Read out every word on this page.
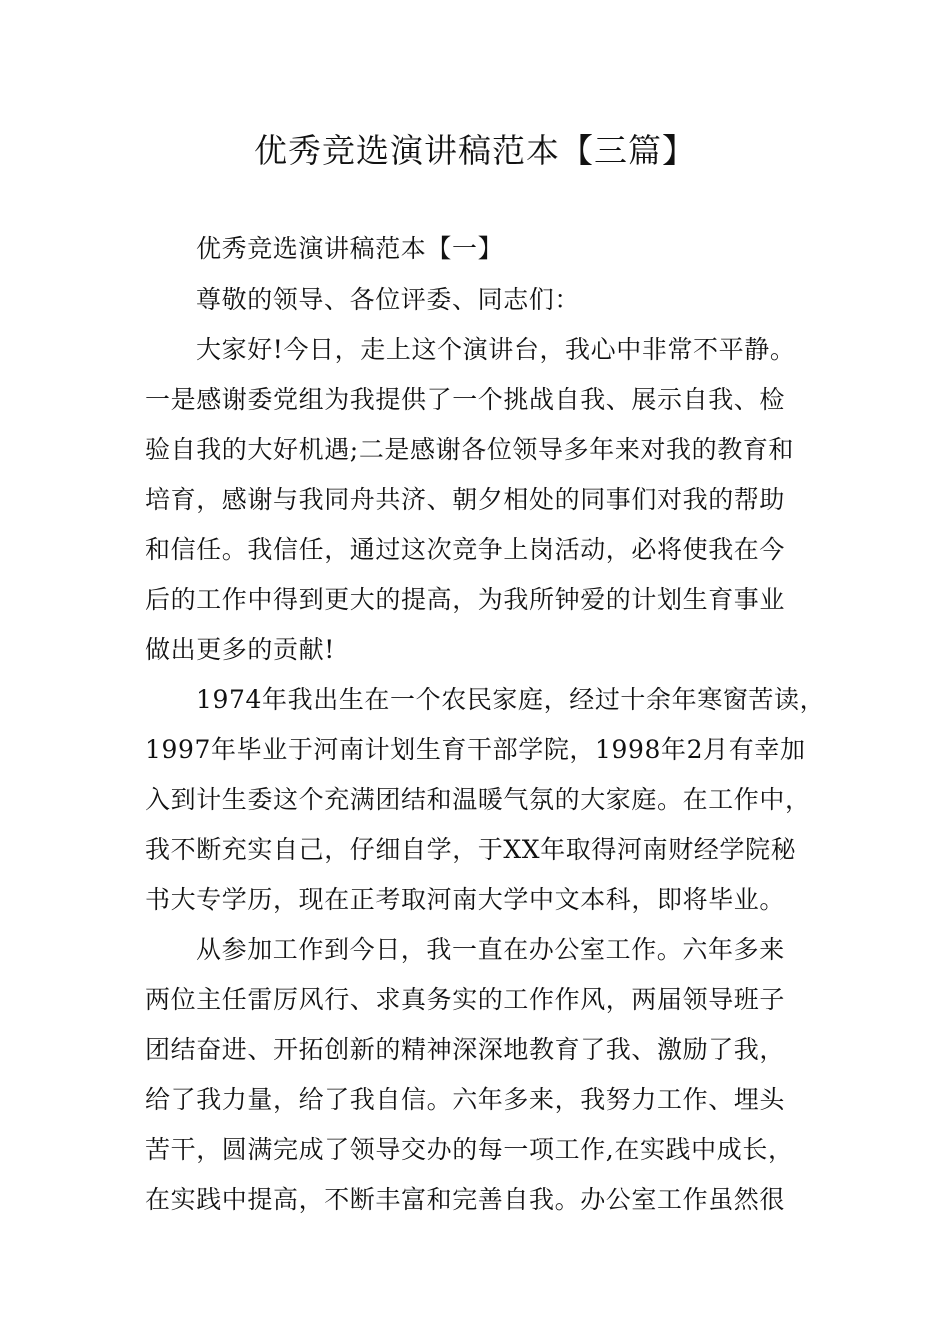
优秀竞选演讲稿范本【三篇】
优秀竞选演讲稿范本【一】
尊敬的领导、各位评委、同志们：
大家好!今日，走上这个演讲台，我心中非常不平静。
一是感谢委党组为我提供了一个挑战自我、展示自我、检
验自我的大好机遇;二是感谢各位领导多年来对我的教育和
培育，感谢与我同舟共济、朝夕相处的同事们对我的帮助
和信任。我信任，通过这次竞争上岗活动，必将使我在今
后的工作中得到更大的提高，为我所钟爱的计划生育事业
做出更多的贡献!
1974年我出生在一个农民家庭，经过十余年寒窗苦读，
1997年毕业于河南计划生育干部学院，1998年2月有幸加
入到计生委这个充满团结和温暖气氛的大家庭。在工作中，
我不断充实自己，仔细自学，于XX年取得河南财经学院秘
书大专学历，现在正考取河南大学中文本科，即将毕业。
从参加工作到今日，我一直在办公室工作。六年多来
两位主任雷厉风行、求真务实的工作作风，两届领导班子
团结奋进、开拓创新的精神深深地教育了我、激励了我，
给了我力量，给了我自信。六年多来，我努力工作、埋头
苦干，圆满完成了领导交办的每一项工作,在实践中成长，
在实践中提高，不断丰富和完善自我。办公室工作虽然很
